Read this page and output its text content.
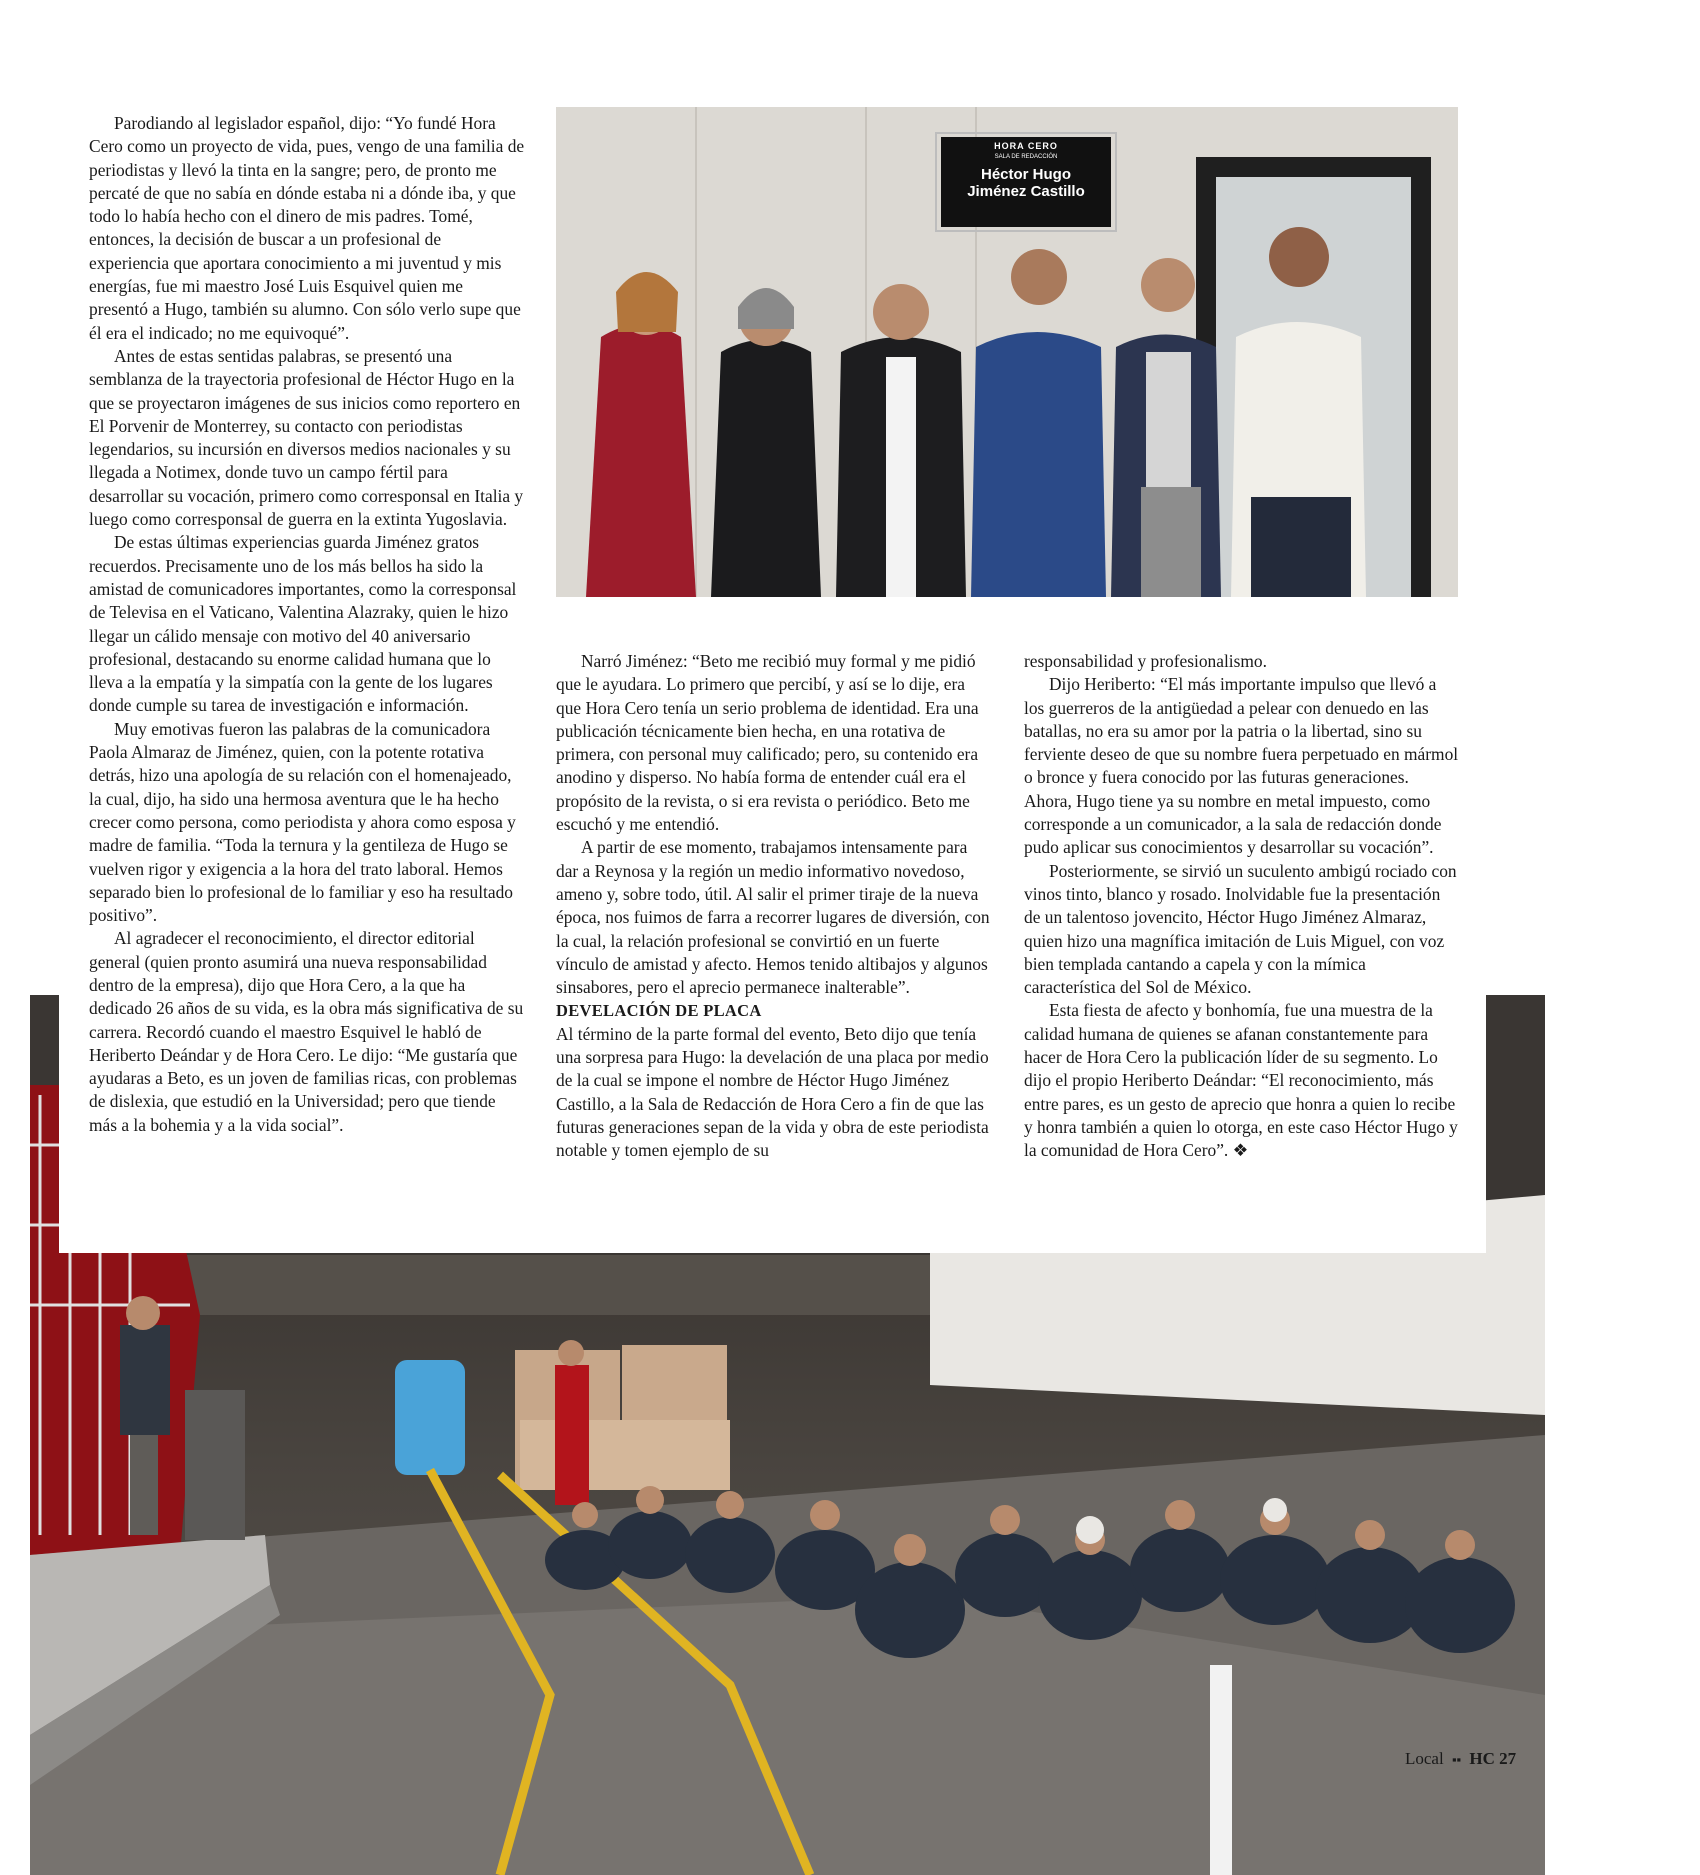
HORA CERO
SALA DE REDACCIÓN
Héctor Hugo
Jiménez Castillo

Parodiando al legislador español, dijo: “Yo fundé Hora Cero como un proyecto de vida, pues, vengo de una familia de periodistas y llevó la tinta en la sangre; pero, de pronto me percaté de que no sabía en dónde estaba ni a dónde iba, y que todo lo había hecho con el dinero de mis padres. Tomé, entonces, la decisión de buscar a un profesional de experiencia que aportara conocimiento a mi juventud y mis energías, fue mi maestro José Luis Esquivel quien me presentó a Hugo, también su alumno. Con sólo verlo supe que él era el indicado; no me equivoqué”.

Antes de estas sentidas palabras, se presentó una semblanza de la trayectoria profesional de Héctor Hugo en la que se proyectaron imágenes de sus inicios como reportero en El Porvenir de Monterrey, su contacto con periodistas legendarios, su incursión en diversos medios nacionales y su llegada a Notimex, donde tuvo un campo fértil para desarrollar su vocación, primero como corresponsal en Italia y luego como corresponsal de guerra en la extinta Yugoslavia.

De estas últimas experiencias guarda Jiménez gratos recuerdos. Precisamente uno de los más bellos ha sido la amistad de comunicadores importantes, como la corresponsal de Televisa en el Vaticano, Valentina Alazraky, quien le hizo llegar un cálido mensaje con motivo del 40 aniversario profesional, destacando su enorme calidad humana que lo lleva a la empatía y la simpatía con la gente de los lugares donde cumple su tarea de investigación e información.

Muy emotivas fueron las palabras de la comunicadora Paola Almaraz de Jiménez, quien, con la potente rotativa detrás, hizo una apología de su relación con el homenajeado, la cual, dijo, ha sido una hermosa aventura que le ha hecho crecer como persona, como periodista y ahora como esposa y madre de familia. “Toda la ternura y la gentileza de Hugo se vuelven rigor y exigencia a la hora del trato laboral. Hemos separado bien lo profesional de lo familiar y eso ha resultado positivo”.

Al agradecer el reconocimiento, el director editorial general (quien pronto asumirá una nueva responsabilidad dentro de la empresa), dijo que Hora Cero, a la que ha dedicado 26 años de su vida, es la obra más significativa de su carrera. Recordó cuando el maestro Esquivel le habló de Heriberto Deándar y de Hora Cero. Le dijo: “Me gustaría que ayudaras a Beto, es un joven de familias ricas, con problemas de dislexia, que estudió en la Universidad; pero que tiende más a la bohemia y a la vida social”.

Narró Jiménez: “Beto me recibió muy formal y me pidió que le ayudara. Lo primero que percibí, y así se lo dije, era que Hora Cero tenía un serio problema de identidad. Era una publicación técnicamente bien hecha, en una rotativa de primera, con personal muy calificado; pero, su contenido era anodino y disperso. No había forma de entender cuál era el propósito de la revista, o si era revista o periódico. Beto me escuchó y me entendió.

A partir de ese momento, trabajamos intensamente para dar a Reynosa y la región un medio informativo novedoso, ameno y, sobre todo, útil. Al salir el primer tiraje de la nueva época, nos fuimos de farra a recorrer lugares de diversión, con la cual, la relación profesional se convirtió en un fuerte vínculo de amistad y afecto. Hemos tenido altibajos y algunos sinsabores, pero el aprecio permanece inalterable”.

DEVELACIÓN DE PLACA

Al término de la parte formal del evento, Beto dijo que tenía una sorpresa para Hugo: la develación de una placa por medio de la cual se impone el nombre de Héctor Hugo Jiménez Castillo, a la Sala de Redacción de Hora Cero a fin de que las futuras generaciones sepan de la vida y obra de este periodista notable y tomen ejemplo de su

responsabilidad y profesionalismo.

Dijo Heriberto: “El más importante impulso que llevó a los guerreros de la antigüedad a pelear con denuedo en las batallas, no era su amor por la patria o la libertad, sino su ferviente deseo de que su nombre fuera perpetuado en mármol o bronce y fuera conocido por las futuras generaciones. Ahora, Hugo tiene ya su nombre en metal impuesto, como corresponde a un comunicador, a la sala de redacción donde pudo aplicar sus conocimientos y desarrollar su vocación”.

Posteriormente, se sirvió un suculento ambigú rociado con vinos tinto, blanco y rosado. Inolvidable fue la presentación de un talentoso jovencito, Héctor Hugo Jiménez Almaraz, quien hizo una magnífica imitación de Luis Miguel, con voz bien templada cantando a capela y con la mímica característica del Sol de México.

Esta fiesta de afecto y bonhomía, fue una muestra de la calidad humana de quienes se afanan constantemente para hacer de Hora Cero la publicación líder de su segmento. Lo dijo el propio Heriberto Deándar: “El reconocimiento, más entre pares, es un gesto de aprecio que honra a quien lo recibe y honra también a quien lo otorga, en este caso Héctor Hugo y la comunidad de Hora Cero”. ❖

Local ▪▪ HC 27
